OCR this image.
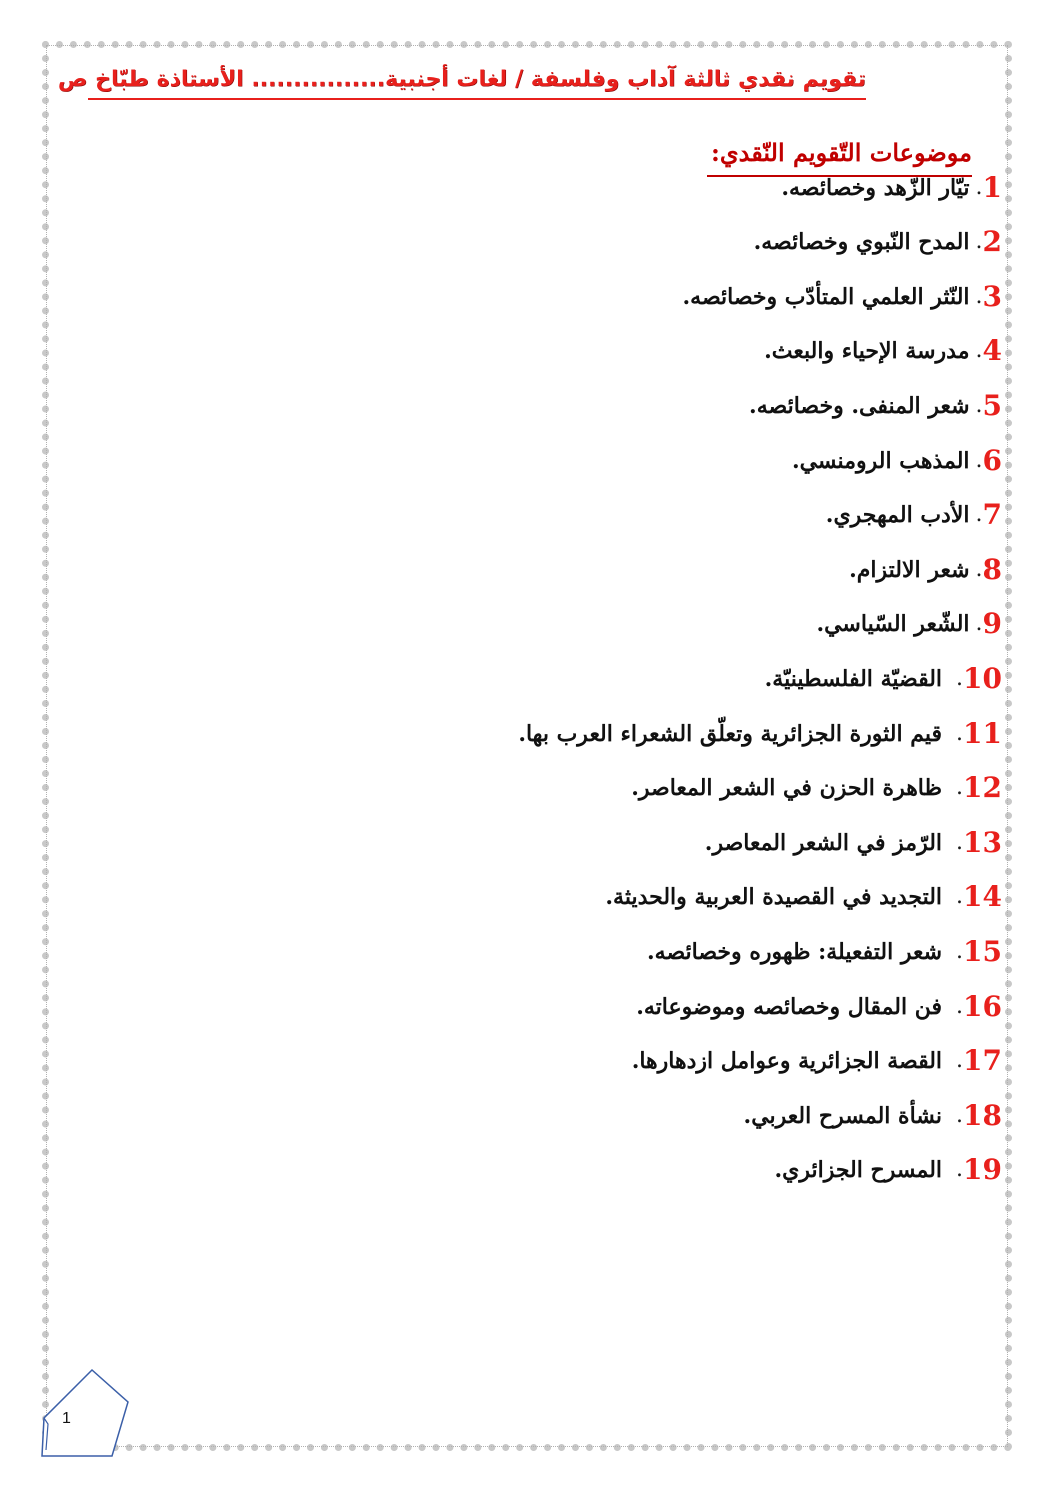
تقويم نقدي ثالثة آداب وفلسفة / لغات أجنبية................ الأستاذة طبّاخ ص
موضوعات التّقويم النّقدي:
1
.
تيّار الزّهد وخصائصه.
2
.
المدح النّبوي وخصائصه.
3
.
النّثر العلمي المتأدّب وخصائصه.
4
.
مدرسة الإحياء والبعث.
5
.
شعر المنفى. وخصائصه.
6
.
المذهب الرومنسي.
7
.
الأدب المهجري.
8
.
شعر الالتزام.
9
.
الشّعر السّياسي.
10
.
القضيّة الفلسطينيّة.
11
.
قيم الثورة الجزائرية وتعلّق الشعراء العرب بها.
12
.
ظاهرة الحزن في الشعر المعاصر.
13
.
الرّمز في الشعر المعاصر.
14
.
التجديد في القصيدة العربية والحديثة.
15
.
شعر التفعيلة: ظهوره وخصائصه.
16
.
فن المقال وخصائصه وموضوعاته.
17
.
القصة الجزائرية وعوامل ازدهارها.
18
.
نشأة المسرح العربي.
19
.
المسرح الجزائري.
1
